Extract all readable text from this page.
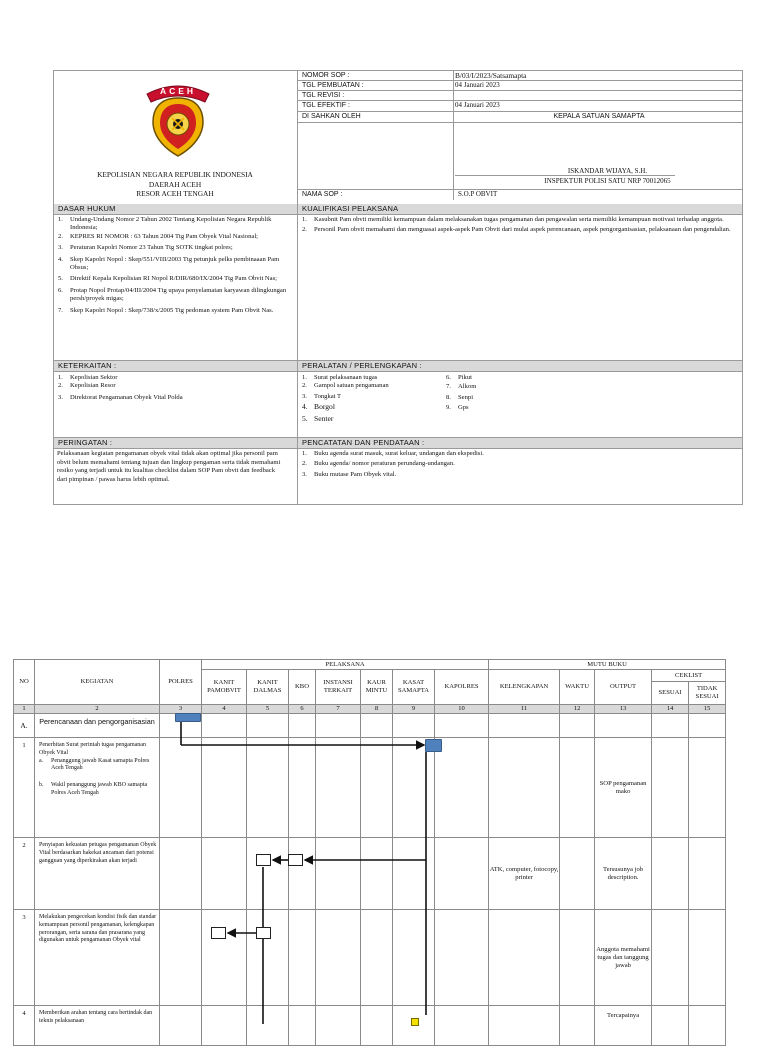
ACEH
KEPOLISIAN NEGARA REPUBLIK INDONESIA
DAERAH ACEH
RESOR ACEH TENGAH
NOMOR SOP :	B/03/I/2023/Satsamapta
TGL PEMBUATAN :	04 Januari 2023
TGL REVISI :
TGL EFEKTIF :	04 Januari 2023
DI SAHKAN OLEH	KEPALA SATUAN SAMAPTA
ISKANDAR WIJAYA, S.H.
INSPEKTUR POLISI SATU NRP 70012065
NAMA SOP :	S.O.P OBVIT
DASAR HUKUM	KUALIFIKASI PELAKSANA
1. Undang-Undang Nomor 2 Tahun 2002 Tentang Kepolisian Negara Republik Indonesia;
2. KEPRES RI NOMOR : 63 Tahun 2004 Ttg Pam Obyek Vital Nasional;
3. Peraturan Kapolri Nomor 23 Tahun Ttg SOTK tingkat polres;
4. Skep Kapolri Nopol : Skep/551/VIII/2003 Ttg petunjuk pelks pembinaaan Pam Obsus;
5. Direktif Kepala Kepolisian RI Nopol R/DIR/680/IX/2004 Ttg Pam Obvit Nas;
6. Protap Nopol Protap/04/III/2004 Ttg upaya penyelamatan karyawan dilingkungan persh/proyek migas;
7. Skep Kapolri Nopol : Skep/738/x/2005 Ttg pedoman system Pam Obvit Nas.
1. Kasubnit Pam obvit memiliki kemampuan dalam melaksanakan tugas pengamanan dan pengawalan serta memiliki kemampuan motivasi terhadap anggota.
2. Personil Pam obvit memahami dan menguasai aspek-aspek Pam Obvit dari mulai aspek perencanaan, aspek pengorganisasian, pelaksanaan dan pengendalian.
KETERKAITAN :	PERALATAN / PERLENGKAPAN :
1. Kepolisian Sektor
2. Kepolisian Resor
3. Direktorat Pengamanan Obyek Vital Polda
1. Surat pelaksanaan tugas
2. Gampol satuan pengamanan
3. Tongkat T
4. Borgol
5. Senter
6. Pikut
7. Alkom
8. Senpi
9. Gps
PERINGATAN :	PENCATATAN DAN PENDATAAN :
Pelaksanaan kegiatan pengamanan obyek vital tidak akan optimal jika personil pam obvit belum memahami tentang tujuan dan lingkup pengaman serta tidak memahami resiko yang terjadi untuk itu kualitas checklist dalam SOP Pam obvit dan feedback
dari pimpinan / pawas harus lebih optimal.
1. Buku agenda surat masuk, surat keluar, undangan dan ekspedisi.
2. Buku agenda/ nomor peraturan perundang-undangan.
3. Buku mutase Pam Obyek vital.
NO	KEGIATAN	POLRES	PELAKSANA							MUTU BUKU				
			KANIT PAMOBVIT	KANIT DALMAS	KBO	INSTANSI TERKAIT	KAUR MINTU	KASAT SAMAPTA	KAPOLRES	KELENGKAPAN	WAKTU	OUTPUT	CEKLIST	
													SESUAI	TIDAK SESUAI
1	2	3	4	5	6	7	8	9	10	11	12	13	14	15
A.	Perencanaan dan pengorganisasian													
1	Penerbitan Surat perintah tugas pengamanan Obyek Vital
a. Penanggung jawab Kasat samapta Polres Aceh Tengah
b. Wakil penanggung jawab KBO samapta Polres Aceh Tengah											SOP pengamanan mako		
2	Penyiapan kekuatan petugas pengamanan Obyek Vital berdasarkan hakekat ancaman dari potensi gangguan yang diperkirakan akan terjadi									ATK, computer, fotocopy, printer		Tersusunya job description.		
3	Melakukan pengecekan kondisi fisik dan standar kemampuan personil pengamanan, kelengkapan perorangan, serta sarana dan prasarana yang digunakan untuk pengamanan Obyek vital											Anggota memahami tugas dan tanggung jawab		
4	Memberikan arahan tentang cara bertindak dan teknis pelaksanaan											Tercapainya		
